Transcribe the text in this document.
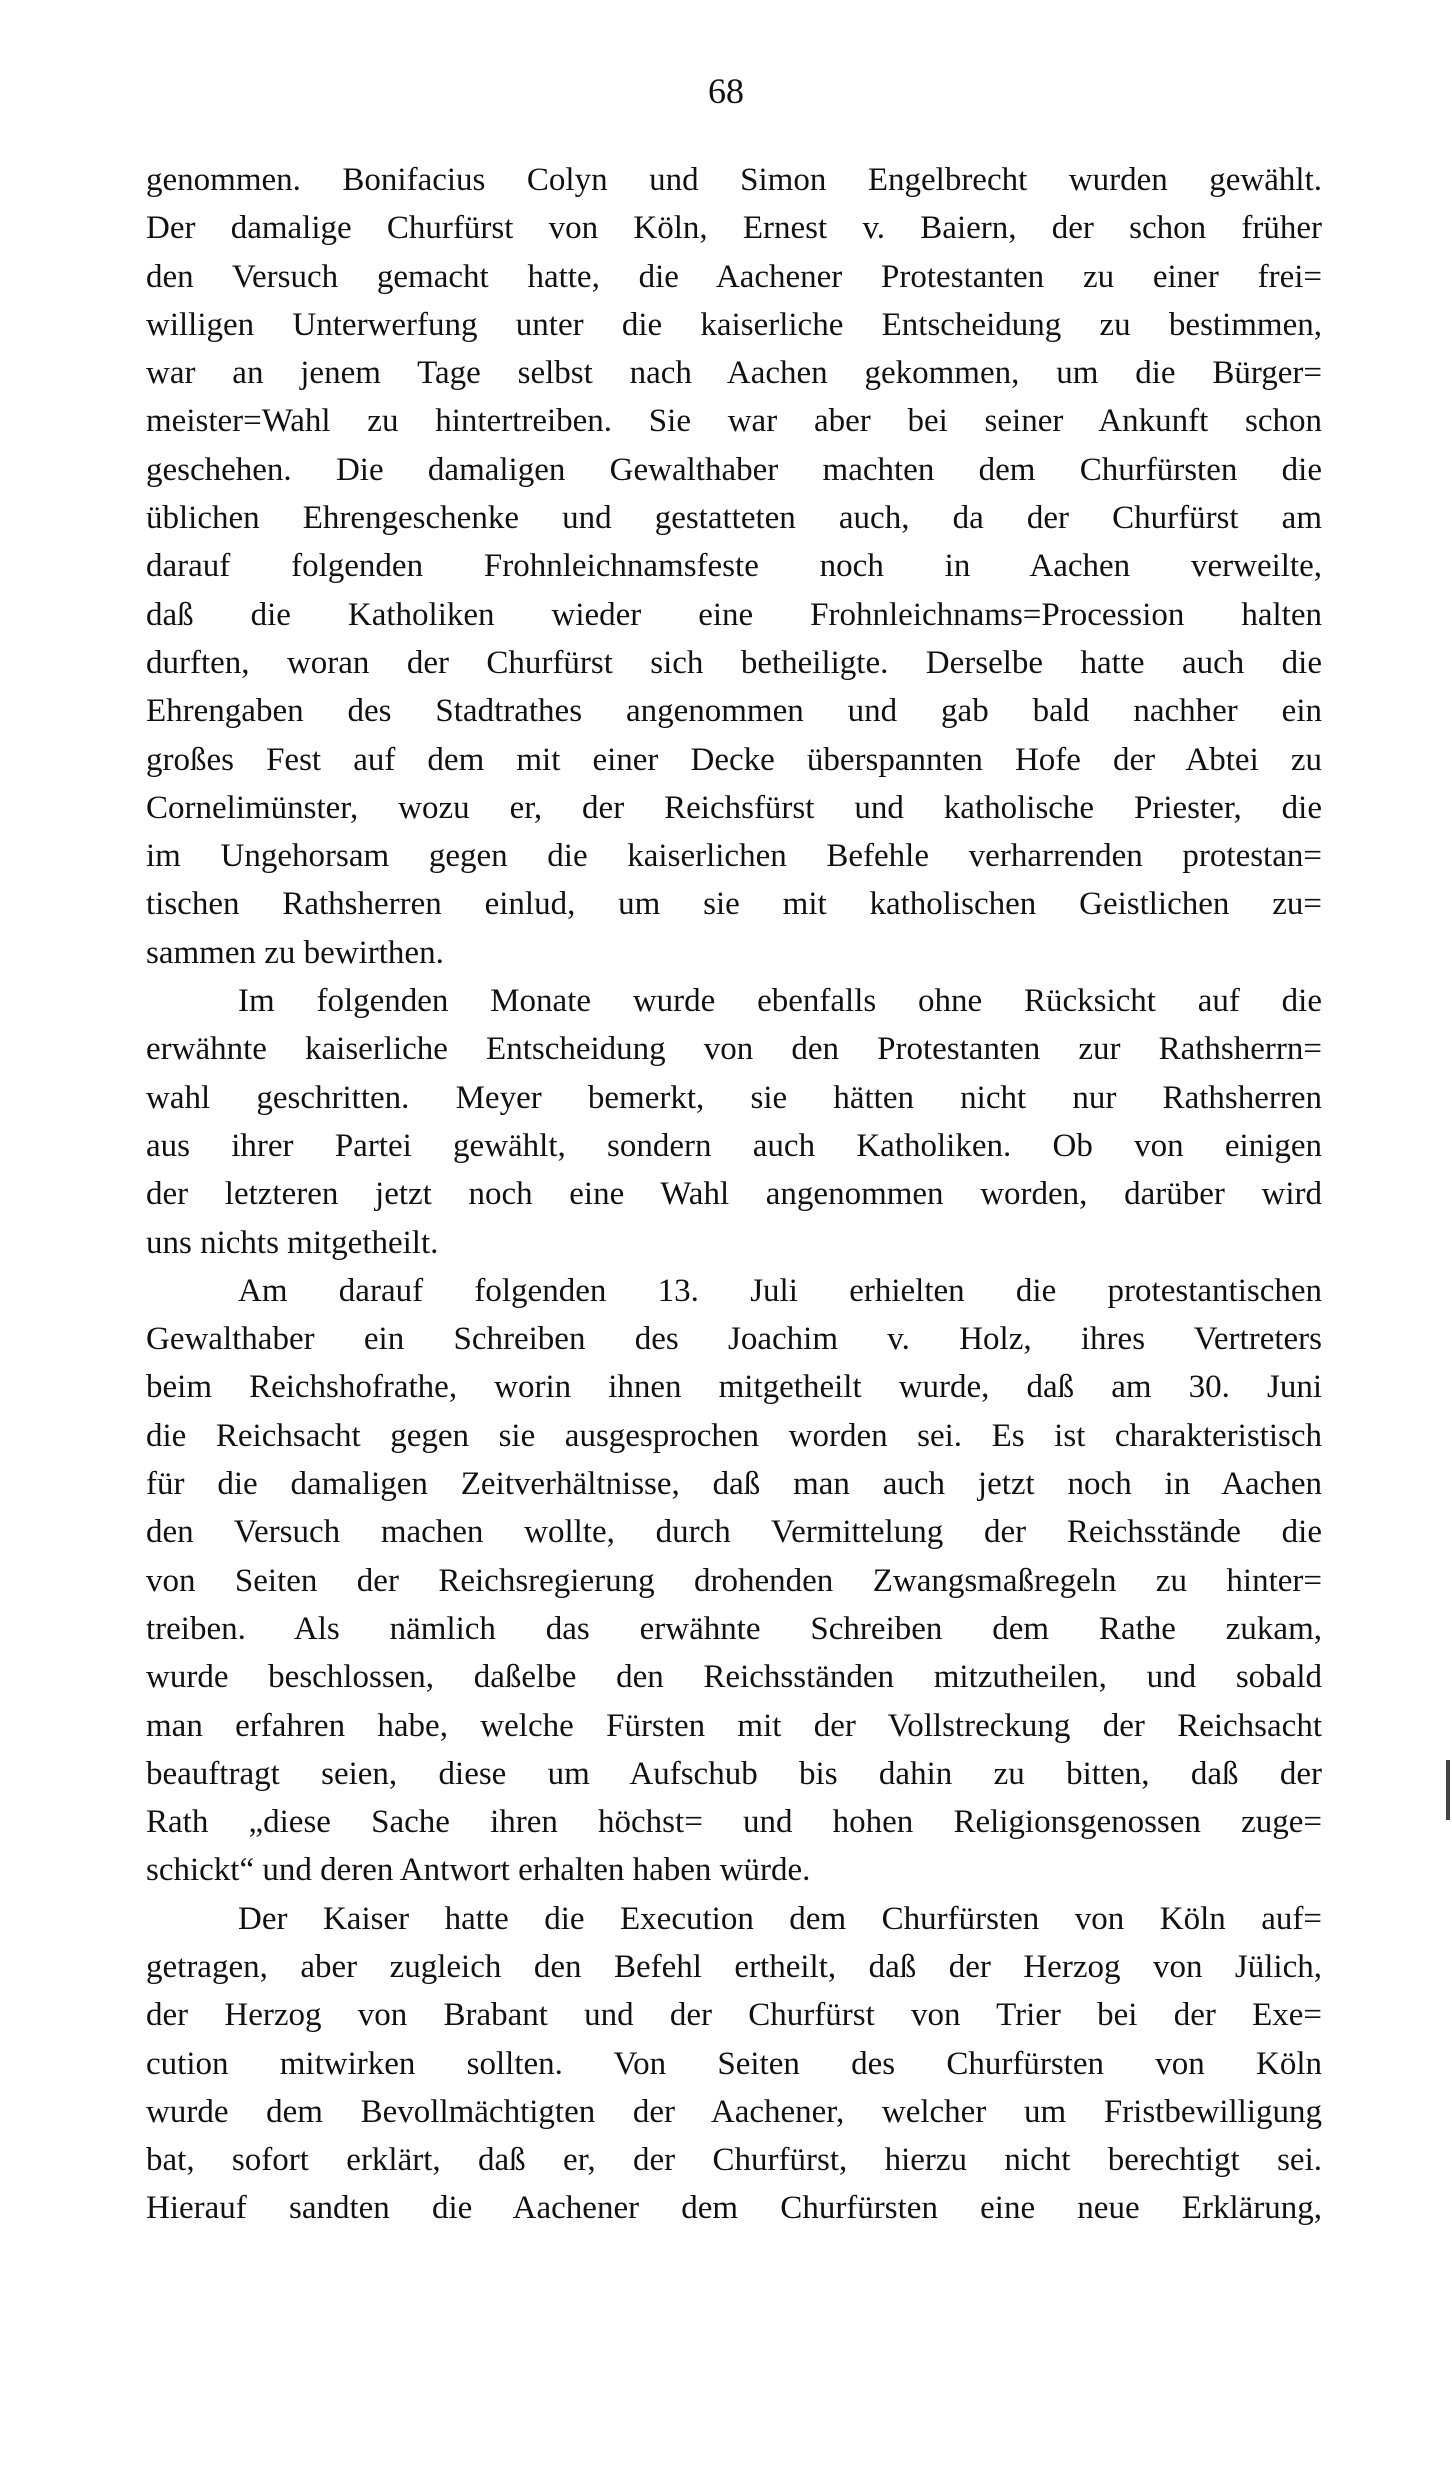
68
genommen. Bonifacius Colyn und Simon Engelbrecht wurden gewählt.
Der damalige Churfürst von Köln, Ernest v. Baiern, der schon früher
den Versuch gemacht hatte, die Aachener Protestanten zu einer frei=
willigen Unterwerfung unter die kaiserliche Entscheidung zu bestimmen,
war an jenem Tage selbst nach Aachen gekommen, um die Bürger=
meister=Wahl zu hintertreiben. Sie war aber bei seiner Ankunft schon
geschehen. Die damaligen Gewalthaber machten dem Churfürsten die
üblichen Ehrengeschenke und gestatteten auch, da der Churfürst am
darauf folgenden Frohnleichnamsfeste noch in Aachen verweilte,
daß die Katholiken wieder eine Frohnleichnams=Procession halten
durften, woran der Churfürst sich betheiligte. Derselbe hatte auch die
Ehrengaben des Stadtrathes angenommen und gab bald nachher ein
großes Fest auf dem mit einer Decke überspannten Hofe der Abtei zu
Cornelimünster, wozu er, der Reichsfürst und katholische Priester, die
im Ungehorsam gegen die kaiserlichen Befehle verharrenden protestan=
tischen Rathsherren einlud, um sie mit katholischen Geistlichen zu=
sammen zu bewirthen.
Im folgenden Monate wurde ebenfalls ohne Rücksicht auf die
erwähnte kaiserliche Entscheidung von den Protestanten zur Rathsherrn=
wahl geschritten. Meyer bemerkt, sie hätten nicht nur Rathsherren
aus ihrer Partei gewählt, sondern auch Katholiken. Ob von einigen
der letzteren jetzt noch eine Wahl angenommen worden, darüber wird
uns nichts mitgetheilt.
Am darauf folgenden 13. Juli erhielten die protestantischen
Gewalthaber ein Schreiben des Joachim v. Holz, ihres Vertreters
beim Reichshofrathe, worin ihnen mitgetheilt wurde, daß am 30. Juni
die Reichsacht gegen sie ausgesprochen worden sei. Es ist charakteristisch
für die damaligen Zeitverhältnisse, daß man auch jetzt noch in Aachen
den Versuch machen wollte, durch Vermittelung der Reichsstände die
von Seiten der Reichsregierung drohenden Zwangsmaßregeln zu hinter=
treiben. Als nämlich das erwähnte Schreiben dem Rathe zukam,
wurde beschlossen, daßelbe den Reichsständen mitzutheilen, und sobald
man erfahren habe, welche Fürsten mit der Vollstreckung der Reichsacht
beauftragt seien, diese um Aufschub bis dahin zu bitten, daß der
Rath „diese Sache ihren höchst= und hohen Religionsgenossen zuge=
schickt“ und deren Antwort erhalten haben würde.
Der Kaiser hatte die Execution dem Churfürsten von Köln auf=
getragen, aber zugleich den Befehl ertheilt, daß der Herzog von Jülich,
der Herzog von Brabant und der Churfürst von Trier bei der Exe=
cution mitwirken sollten. Von Seiten des Churfürsten von Köln
wurde dem Bevollmächtigten der Aachener, welcher um Fristbewilligung
bat, sofort erklärt, daß er, der Churfürst, hierzu nicht berechtigt sei.
Hierauf sandten die Aachener dem Churfürsten eine neue Erklärung,
